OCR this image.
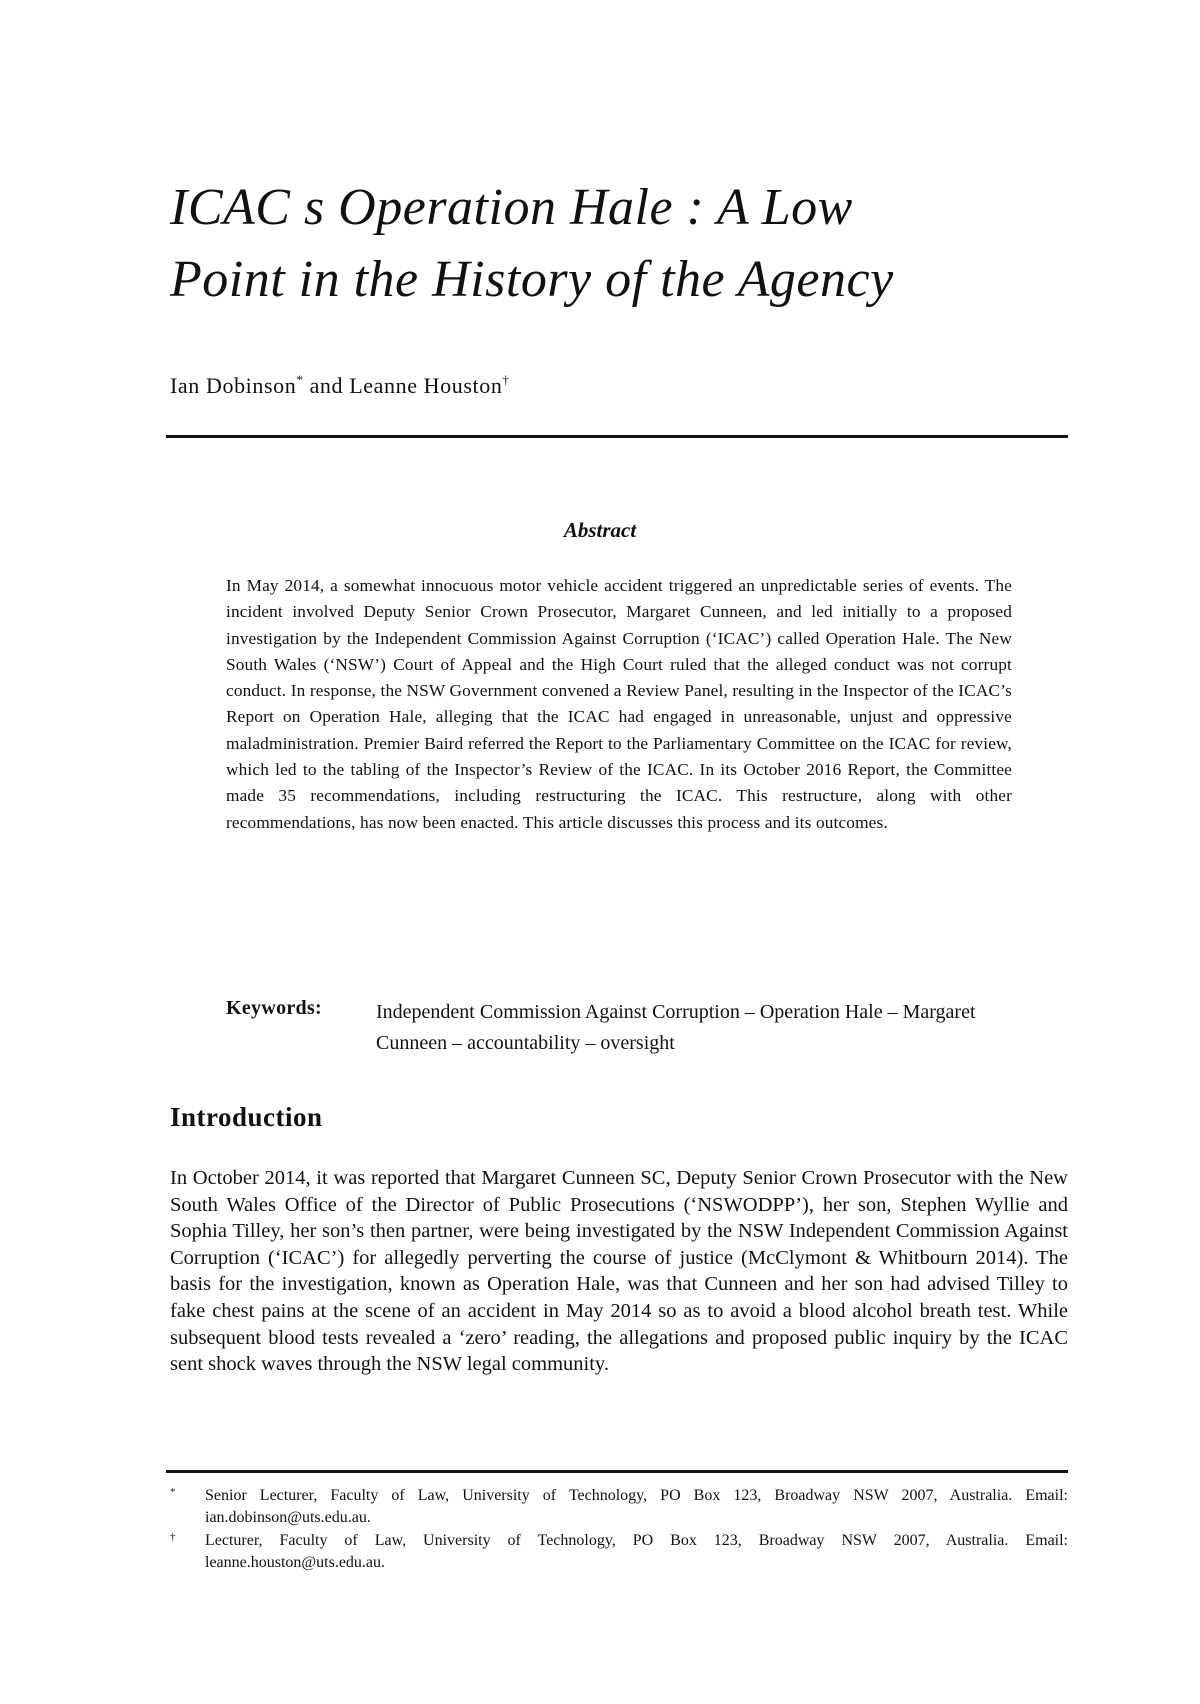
ICAC s Operation Hale : A Low
Point in the History of the Agency
Ian Dobinson* and Leanne Houston†
Abstract
In May 2014, a somewhat innocuous motor vehicle accident triggered an unpredictable series of events. The incident involved Deputy Senior Crown Prosecutor, Margaret Cunneen, and led initially to a proposed investigation by the Independent Commission Against Corruption (‘ICAC’) called Operation Hale. The New South Wales (‘NSW’) Court of Appeal and the High Court ruled that the alleged conduct was not corrupt conduct. In response, the NSW Government convened a Review Panel, resulting in the Inspector of the ICAC’s Report on Operation Hale, alleging that the ICAC had engaged in unreasonable, unjust and oppressive maladministration. Premier Baird referred the Report to the Parliamentary Committee on the ICAC for review, which led to the tabling of the Inspector’s Review of the ICAC. In its October 2016 Report, the Committee made 35 recommendations, including restructuring the ICAC. This restructure, along with other recommendations, has now been enacted. This article discusses this process and its outcomes.
Keywords:	Independent Commission Against Corruption – Operation Hale – Margaret Cunneen – accountability – oversight
Introduction
In October 2014, it was reported that Margaret Cunneen SC, Deputy Senior Crown Prosecutor with the New South Wales Office of the Director of Public Prosecutions (‘NSWODPP’), her son, Stephen Wyllie and Sophia Tilley, her son’s then partner, were being investigated by the NSW Independent Commission Against Corruption (‘ICAC’) for allegedly perverting the course of justice (McClymont & Whitbourn 2014). The basis for the investigation, known as Operation Hale, was that Cunneen and her son had advised Tilley to fake chest pains at the scene of an accident in May 2014 so as to avoid a blood alcohol breath test. While subsequent blood tests revealed a ‘zero’ reading, the allegations and proposed public inquiry by the ICAC sent shock waves through the NSW legal community.
* Senior Lecturer, Faculty of Law, University of Technology, PO Box 123, Broadway NSW 2007, Australia. Email: ian.dobinson@uts.edu.au.
† Lecturer, Faculty of Law, University of Technology, PO Box 123, Broadway NSW 2007, Australia. Email: leanne.houston@uts.edu.au.
